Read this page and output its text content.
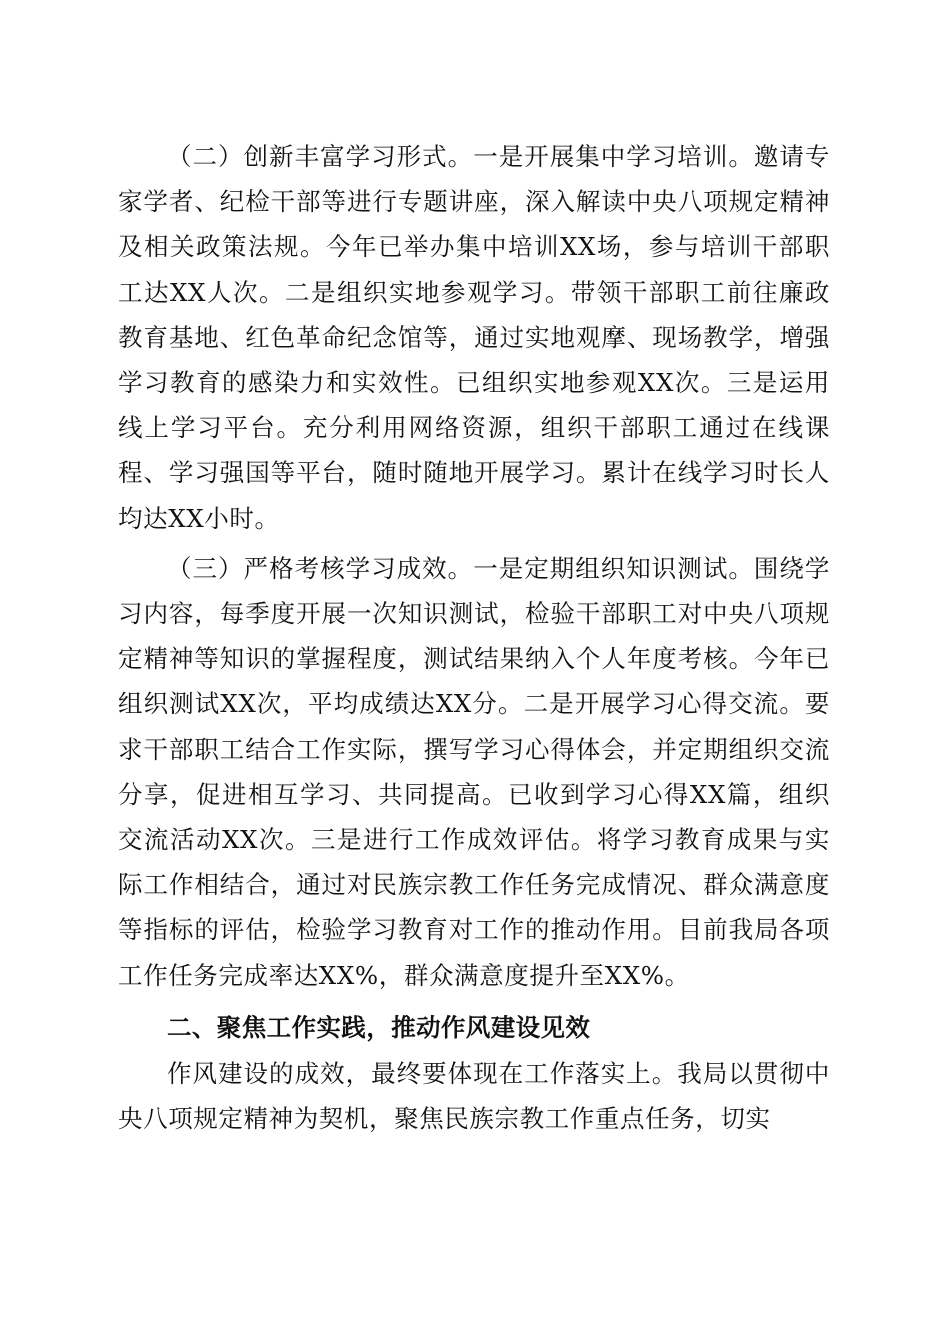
（二）创新丰富学习形式。一是开展集中学习培训。邀请专家学者、纪检干部等进行专题讲座，深入解读中央八项规定精神及相关政策法规。今年已举办集中培训XX场，参与培训干部职工达XX人次。二是组织实地参观学习。带领干部职工前往廉政教育基地、红色革命纪念馆等，通过实地观摩、现场教学，增强学习教育的感染力和实效性。已组织实地参观XX次。三是运用线上学习平台。充分利用网络资源，组织干部职工通过在线课程、学习强国等平台，随时随地开展学习。累计在线学习时长人均达XX小时。

（三）严格考核学习成效。一是定期组织知识测试。围绕学习内容，每季度开展一次知识测试，检验干部职工对中央八项规定精神等知识的掌握程度，测试结果纳入个人年度考核。今年已组织测试XX次，平均成绩达XX分。二是开展学习心得交流。要求干部职工结合工作实际，撰写学习心得体会，并定期组织交流分享，促进相互学习、共同提高。已收到学习心得XX篇，组织交流活动XX次。三是进行工作成效评估。将学习教育成果与实际工作相结合，通过对民族宗教工作任务完成情况、群众满意度等指标的评估，检验学习教育对工作的推动作用。目前我局各项工作任务完成率达XX%，群众满意度提升至XX%。

二、聚焦工作实践，推动作风建设见效

作风建设的成效，最终要体现在工作落实上。我局以贯彻中央八项规定精神为契机，聚焦民族宗教工作重点任务，切实
